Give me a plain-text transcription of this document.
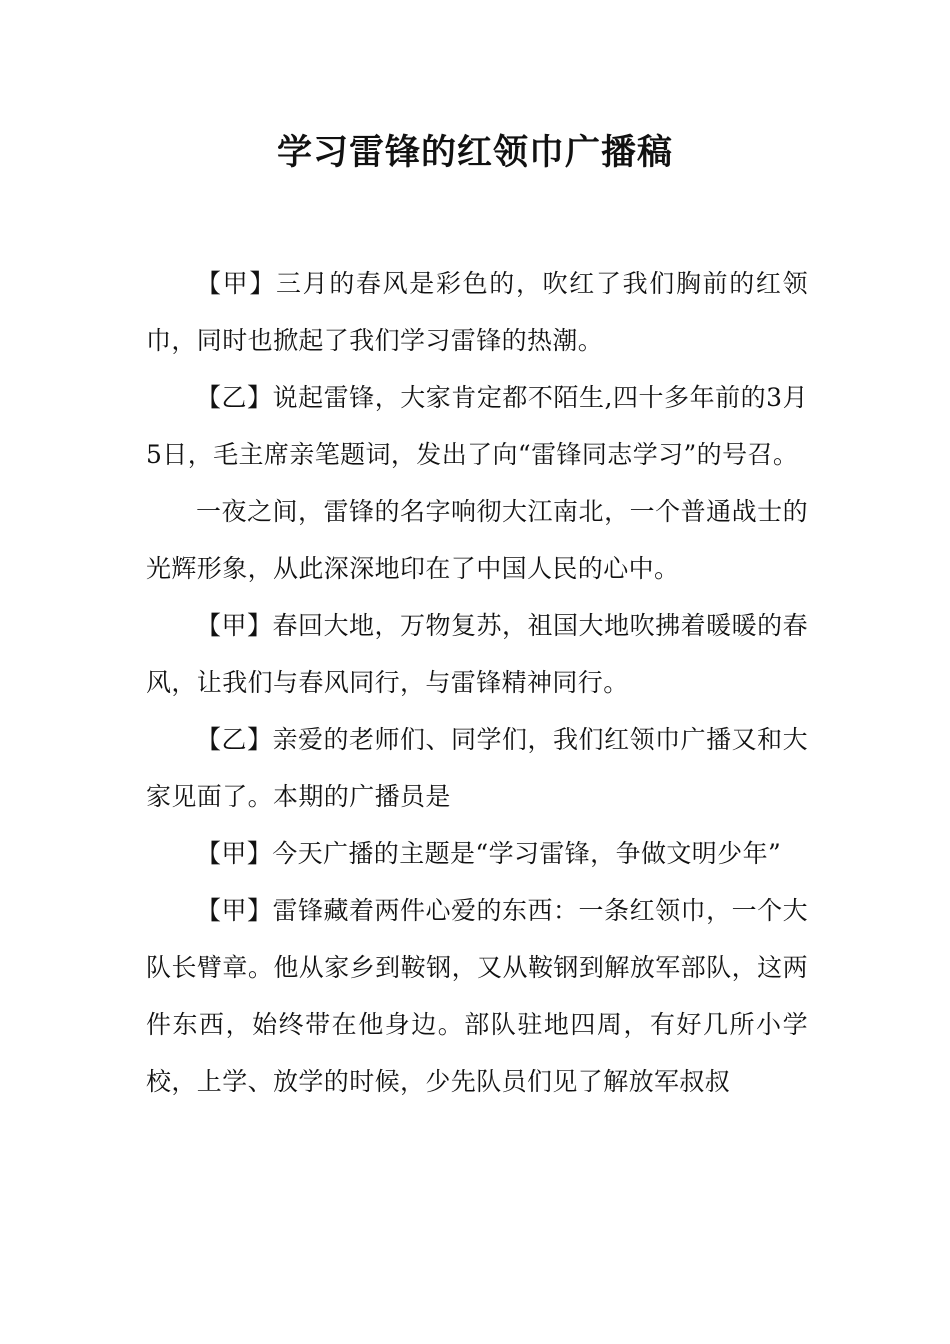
学习雷锋的红领巾广播稿

【甲】三月的春风是彩色的，吹红了我们胸前的红领巾，同时也掀起了我们学习雷锋的热潮。

【乙】说起雷锋，大家肯定都不陌生,四十多年前的3月5日，毛主席亲笔题词，发出了向“雷锋同志学习”的号召。

一夜之间，雷锋的名字响彻大江南北，一个普通战士的光辉形象，从此深深地印在了中国人民的心中。

【甲】春回大地，万物复苏，祖国大地吹拂着暖暖的春风，让我们与春风同行，与雷锋精神同行。

【乙】亲爱的老师们、同学们，我们红领巾广播又和大家见面了。本期的广播员是

【甲】今天广播的主题是“学习雷锋，争做文明少年”

【甲】雷锋藏着两件心爱的东西：一条红领巾，一个大队长臂章。他从家乡到鞍钢，又从鞍钢到解放军部队，这两件东西，始终带在他身边。部队驻地四周，有好几所小学校，上学、放学的时候，少先队员们见了解放军叔叔
